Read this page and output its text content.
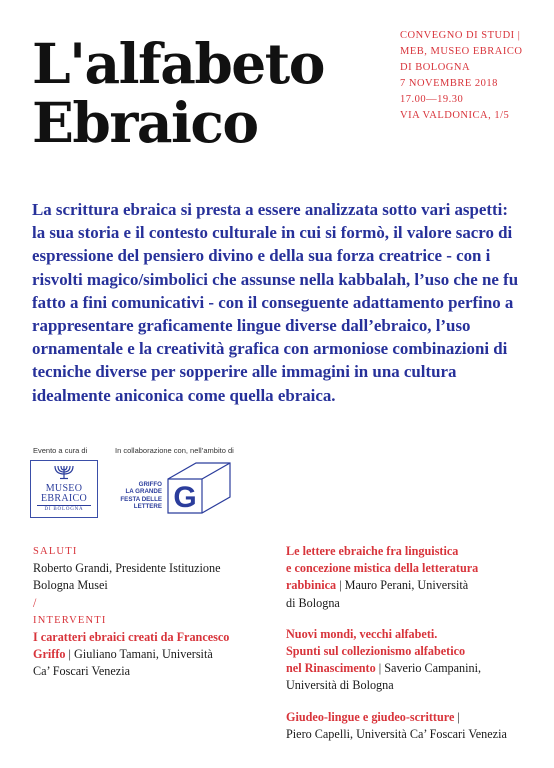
L'alfabeto
Ebraico
CONVEGNO DI STUDI |
MEB, MUSEO EBRAICO
DI BOLOGNA
7 NOVEMBRE 2018
17.00—19.30
VIA VALDONICA, 1/5

La scrittura ebraica si presta a essere analizzata sotto vari aspetti: la sua storia e il contesto culturale in cui si formò, il valore sacro di espressione del pensiero divino e della sua forza creatrice - con i risvolti magico/simbolici che assunse nella kabbalah, l’uso che ne fu fatto a fini comunicativi - con il conseguente adattamento perfino a rappresentare graficamente lingue diverse dall’ebraico, l’uso ornamentale e la creatività grafica con armoniose combinazioni di tecniche diverse per sopperire alle immagini in una cultura idealmente aniconica come quella ebraica.

Evento a cura di	In collaborazione con, nell’ambito di
MUSEO
EBRAICO
DI BOLOGNA
GRIFFO
LA GRANDE
FESTA DELLE
LETTERE G
SALUTI
Roberto Grandi, Presidente Istituzione
Bologna Musei
/
INTERVENTI
I caratteri ebraici creati da Francesco
Griffo | Giuliano Tamani, Università
Ca’ Foscari Venezia
Le lettere ebraiche fra linguistica
e concezione mistica della letteratura
rabbinica | Mauro Perani, Università
di Bologna
Nuovi mondi, vecchi alfabeti.
Spunti sul collezionismo alfabetico
nel Rinascimento | Saverio Campanini,
Università di Bologna
Giudeo-lingue e giudeo-scritture |
Piero Capelli, Università Ca’ Foscari Venezia
